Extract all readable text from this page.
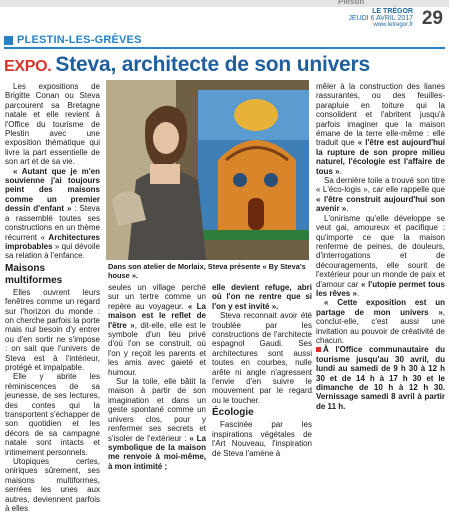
Plestin
LE TRÉGOR
JEUDI 6 AVRIL 2017
www.letregor.fr 29
PLESTIN-LES-GRÈVES
EXPO. Steva, architecte de son univers

Les expositions de Brigitte Conan ou Steva parcourent sa Bretagne natale et elle revient à l'Office du tourisme de Plestin avec une exposition thématique qui livre la part essentielle de son art et de sa vie.

« Autant que je m'en souvienne j'ai toujours peint des maisons comme un premier dessin d'enfant » : Steva a rassemblé toutes ses constructions en un thème récurrent « Architectures improbables » qui dévoile sa relation à l'enfance.

Maisons multiformes

Elles ouvrent leurs fenêtres comme un regard sur l'horizon du monde : on cherche parfois la porte mais nul besoin d'y entrer ou d'en sortir ne s'impose : on sait que l'univers de Steva est à l'intérieur, protégé et impalpable.

Elle y abrite les réminiscences de sa jeunesse, de ses lectures, des contes qui la transportent s'échapper de son quotidien et les décors de sa campagne natale sont intacts et intimement personnels.

Utopiques certes, oniriques sûrement, ses maisons multiformes, serrées les unes aux autres, deviennent parfois à elles

Dans son atelier de Morlaix, Steva présente « By Steva's house ».

seules un village perché sur un tertre comme un repère au voyageur. « La maison est le reflet de l'être », dit-elle, elle est le symbole d'un lieu privé d'où l'on se construit, où l'on y reçoit les parents et les amis avec gaieté et humour.

Sur la toile, elle bâtit la maison à partir de son imagination et dans un geste spontané comme un univers clos, pour y renfermer ses secrets et s'isoler de l'extérieur : « La symbolique de la maison me renvoie à moi-même, à mon intimité ;

elle devient refuge, abri où l'on ne rentre que si l'on y est invité ».

Steva reconnait avoir été troublée par les constructions de l'architecte espagnol Gaudi. Ses architectures sont aussi toutes en courbes, nulle arête ni angle n'agressent l'envie d'en suivre le mouvement par le regard ou le toucher.

Écologie

Fascinée par les inspirations végétales de l'Art Nouveau, l'inspiration de Steva l'amène à

mêler à la construction des lianes rassurantes, ou des feuilles-parapluie en toiture qui la consolident et l'abritent jusqu'à parfois imaginer que la maison émane de la terre elle-même : elle traduit que « l'être est aujourd'hui la rupture de son propre milieu naturel, l'écologie est l'affaire de tous ».

Sa dernière toile a trouvé son titre « L'éco-logis », car elle rappelle que « l'être construit aujourd'hui son avenir ».

L'onirisme qu'elle développe se veut gai, amoureux et pacifique : qu'importe ce que la maison renferme de peines, de douleurs, d'interrogations et de découragements, elle sourit de l'extérieur pour un monde de paix et d'amour car « l'utopie permet tous les rêves ».

« Cette exposition est un partage de mon univers », conclut-elle, c'est aussi une invitation au pouvoir de créativité de chacun.

À l'Office communautaire du tourisme jusqu'au 30 avril, du lundi au samedi de 9 h 30 à 12 h 30 et de 14 h à 17 h 30 et le dimanche de 10 h à 12 h 30. Vernissage samedi 8 avril à partir de 11 h.
